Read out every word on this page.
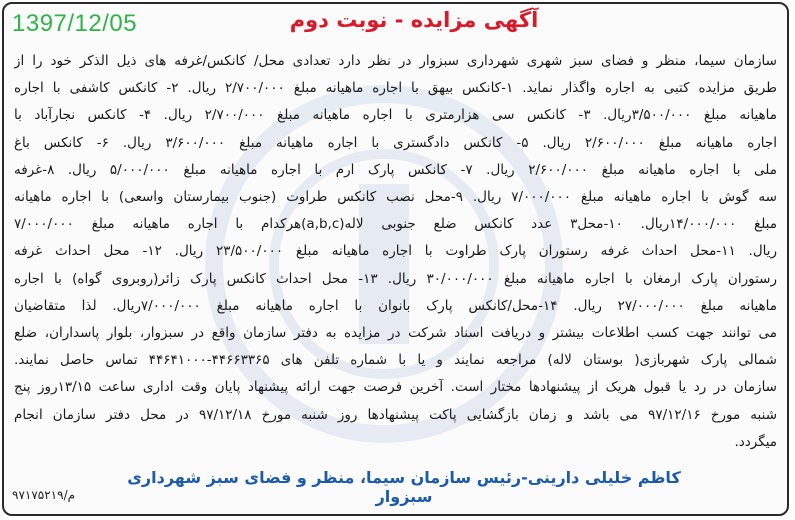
1397/12/05	آگهی مزایده - نوبت دوم
سازمان سیما، منظر و فضای سبز شهری شهرداری سبزوار در نظر دارد تعدادی محل/ کانکس/غرفه های ذیل الذکر خود را از
طریق مزایده کتبی به اجاره واگذار نماید. ۱-کانکس بیهق با اجاره ماهیانه مبلغ ۲/۷۰۰/۰۰۰ ریال. ۲- کانکس کاشفی با اجاره
ماهیانه مبلغ ۳/۵۰۰/۰۰۰ریال. ۳- کانکس سی هزارمتری با اجاره ماهیانه مبلغ ۲/۷۰۰/۰۰۰ ریال. ۴- کانکس نجارآباد با
اجاره ماهیانه مبلغ ۲/۶۰۰/۰۰۰ ریال. ۵- کانکس دادگستری با اجاره ماهیانه مبلغ ۳/۶۰۰/۰۰۰ ریال. ۶- کانکس باغ
ملی با اجاره ماهیانه مبلغ ۲/۶۰۰/۰۰۰ ریال. ۷- کانکس پارک ارم با اجاره ماهیانه مبلغ ۵/۰۰۰/۰۰۰ ریال. ۸-غرفه
سه گوش با اجاره ماهیانه مبلغ ۷/۰۰۰/۰۰۰ ریال. ۹-محل نصب کانکس طراوت (جنوب بیمارستان واسعی) با اجاره ماهیانه
مبلغ ۱۴/۰۰۰/۰۰۰ریال. ۱۰-محل۳ عدد کانکس ضلع جنوبی لاله(a,b,c)هرکدام با اجاره ماهیانه مبلغ ۷/۰۰۰/۰۰۰
ریال. ۱۱-محل احداث غرفه رستوران پارک طراوت با اجاره ماهیانه مبلغ ۲۳/۵۰۰/۰۰۰ ریال. ۱۲- محل احداث غرفه
رستوران پارک ارمغان با اجاره ماهیانه مبلغ ۳۰/۰۰۰/۰۰۰ ریال. ۱۳- محل احداث کانکس پارک زائر(روبروی گواه) با اجاره
ماهیانه مبلغ ۲۷/۰۰۰/۰۰۰ ریال. ۱۴-محل/کانکس پارک بانوان با اجاره ماهیانه مبلغ ۷/۰۰۰/۰۰۰ریال. لذا متقاضیان
می توانند جهت کسب اطلاعات بیشتر و دریافت اسناد شرکت در مزایده به دفتر سازمان واقع در سبزوار، بلوار پاسداران، ضلع
شمالی پارک شهربازی( بوستان لاله) مراجعه نمایند و یا با شماره تلفن های ۴۴۶۶۳۳۶۵-۴۴۶۴۱۰۰۰ تماس حاصل نمایند.
سازمان در رد یا قبول هریک از پیشنهادها مختار است. آخرین فرصت جهت ارائه پیشنهاد پایان وقت اداری ساعت ۱۳/۱۵روز پنج
شنبه مورخ ۹۷/۱۲/۱۶ می باشد و زمان بازگشایی پاکت پیشنهادها روز شنبه مورخ ۹۷/۱۲/۱۸ در محل دفتر سازمان انجام
میگردد.
کاظم خلیلی دارینی-رئیس سازمان سیما، منظر و فضای سبز شهرداری سبزوار
م/۹۷۱۷۵۲۱۹
